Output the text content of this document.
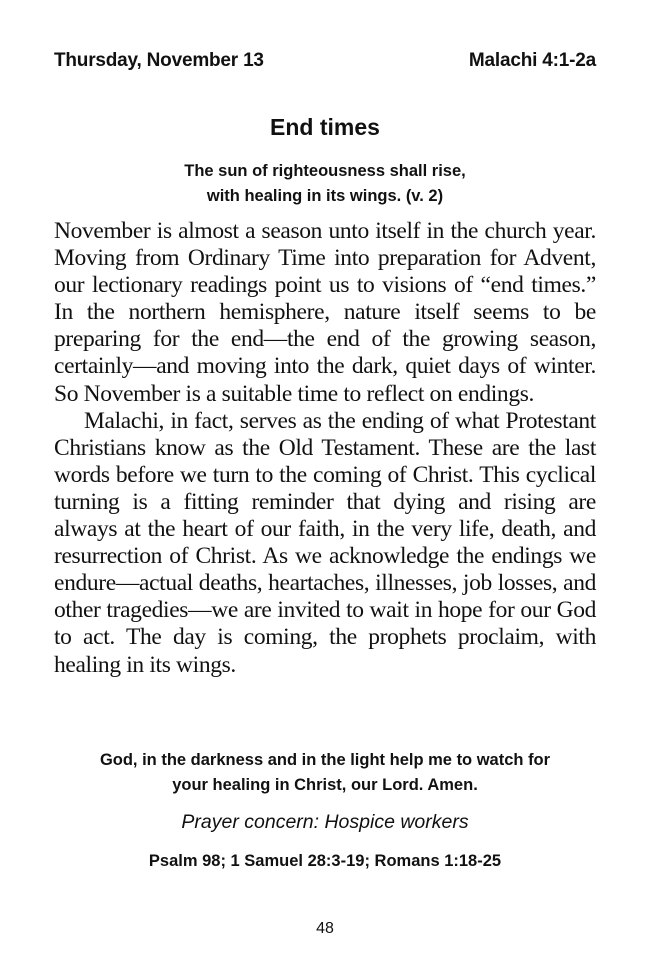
Thursday, November 13	Malachi 4:1-2a
End times
The sun of righteousness shall rise,
with healing in its wings. (v. 2)

November is almost a season unto itself in the church year. Moving from Ordinary Time into preparation for Advent, our lectionary readings point us to visions of “end times.” In the northern hemisphere, nature itself seems to be preparing for the end—the end of the growing season, certainly—and moving into the dark, quiet days of winter. So November is a suitable time to reflect on endings.

Malachi, in fact, serves as the ending of what Protestant Christians know as the Old Testament. These are the last words before we turn to the coming of Christ. This cyclical turning is a fitting reminder that dying and rising are always at the heart of our faith, in the very life, death, and resurrection of Christ. As we acknowledge the endings we endure—actual deaths, heartaches, illnesses, job losses, and other tragedies—we are invited to wait in hope for our God to act. The day is coming, the prophets proclaim, with healing in its wings.

God, in the darkness and in the light help me to watch for
your healing in Christ, our Lord. Amen.
Prayer concern: Hospice workers
Psalm 98; 1 Samuel 28:3-19; Romans 1:18-25
48
